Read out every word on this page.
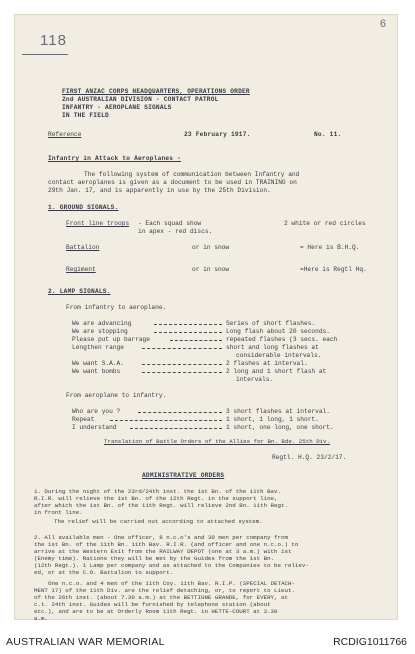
118
6
FIRST ANZAC CORPS HEADQUARTERS, OPERATIONS ORDER
2nd AUSTRALIAN DIVISION - CONTACT PATROL
INFANTRY - AEROPLANE SIGNALS
IN THE FIELD
Reference	23 February 1917.	No. 11.
Infantry in Attack to Aeroplanes -
The following system of communication between Infantry and
contact aeroplanes is given as a document to be used in TRAINING on
29th Jan. 17, and is apparently in use by the 25th Division.
1. GROUND SIGNALS.
Front line troops - Each squad show	2 white or red circles
in apex - red discs.
Battalion	or in snow	= Here is B.H.Q.
Regiment	or in snow	=Here is Regtl Hq.
2. LAMP SIGNALS.
From infantry to aeroplane.
We are advancing	Series of short flashes.
We are stopping	Long flash about 20 seconds.
Please put up barrage	repeated flashes (3 secs. each
Lengthen range	short and long flashes at
considerable intervals.
We want S.A.A.	2 flashes at interval.
We want bombs	2 long and 1 short flash at
intervals.
From aeroplane to infantry.
Who are you ?	3 short flashes at interval.
Repeat	1 short, 1 long, 1 short.
I understand	1 short, one long, one short.
Translation of Battle Orders of the Allies for Bn. Bde. 25th Div.
Regtl. H.Q. 23/2/17.
ADMINISTRATIVE ORDERS
1. During the night of the 23rd/24th inst. the 1st Bn. of the 11th Bav.
R.I.R. will relieve the 1st Bn. of the 12th Regt. in the support line,
after which the 1st Bn. of the 11th Regt. will relieve 2nd Bn. 11th Regt.
in front line.
The relief will be carried out according to attached system.
2. All available men - One officer, 8 n.c.o's and 30 men per company from
the 1st Bn. of the 11th Bn. 11th Bav. R.I.R. (and officer and one n.c.o.) to
arrive at the Western Exit from the RAILWAY DEPOT (one at 3 a.m.) with 1st
(Enemy time). Rations they will be met by the Guides from the 1st Bn.
(12th Regt.). 1 Lamp per company and as attached to the Companies to be reliev-
ed, or at the C.O. Battalion to support.
One n.c.o. and 4 men of the 11th Coy. 11th Bav. R.I.P. (SPECIAL DETACH-
MENT 17) of the 11th Div. are the relief detaching, or, to report to Lieut.
of the 26th inst. (about 7.30 a.m.) at the BETTIGNE GRANDE, for EVERY, at
c.t. 24th inst. Guides will be furnished by telephone station (about
etc.), and are to be at Orderly Room 11th Regt. in HETTE-COURT at 3.30
a.m.
AUSTRALIAN WAR MEMORIAL	RCDIG1011766
